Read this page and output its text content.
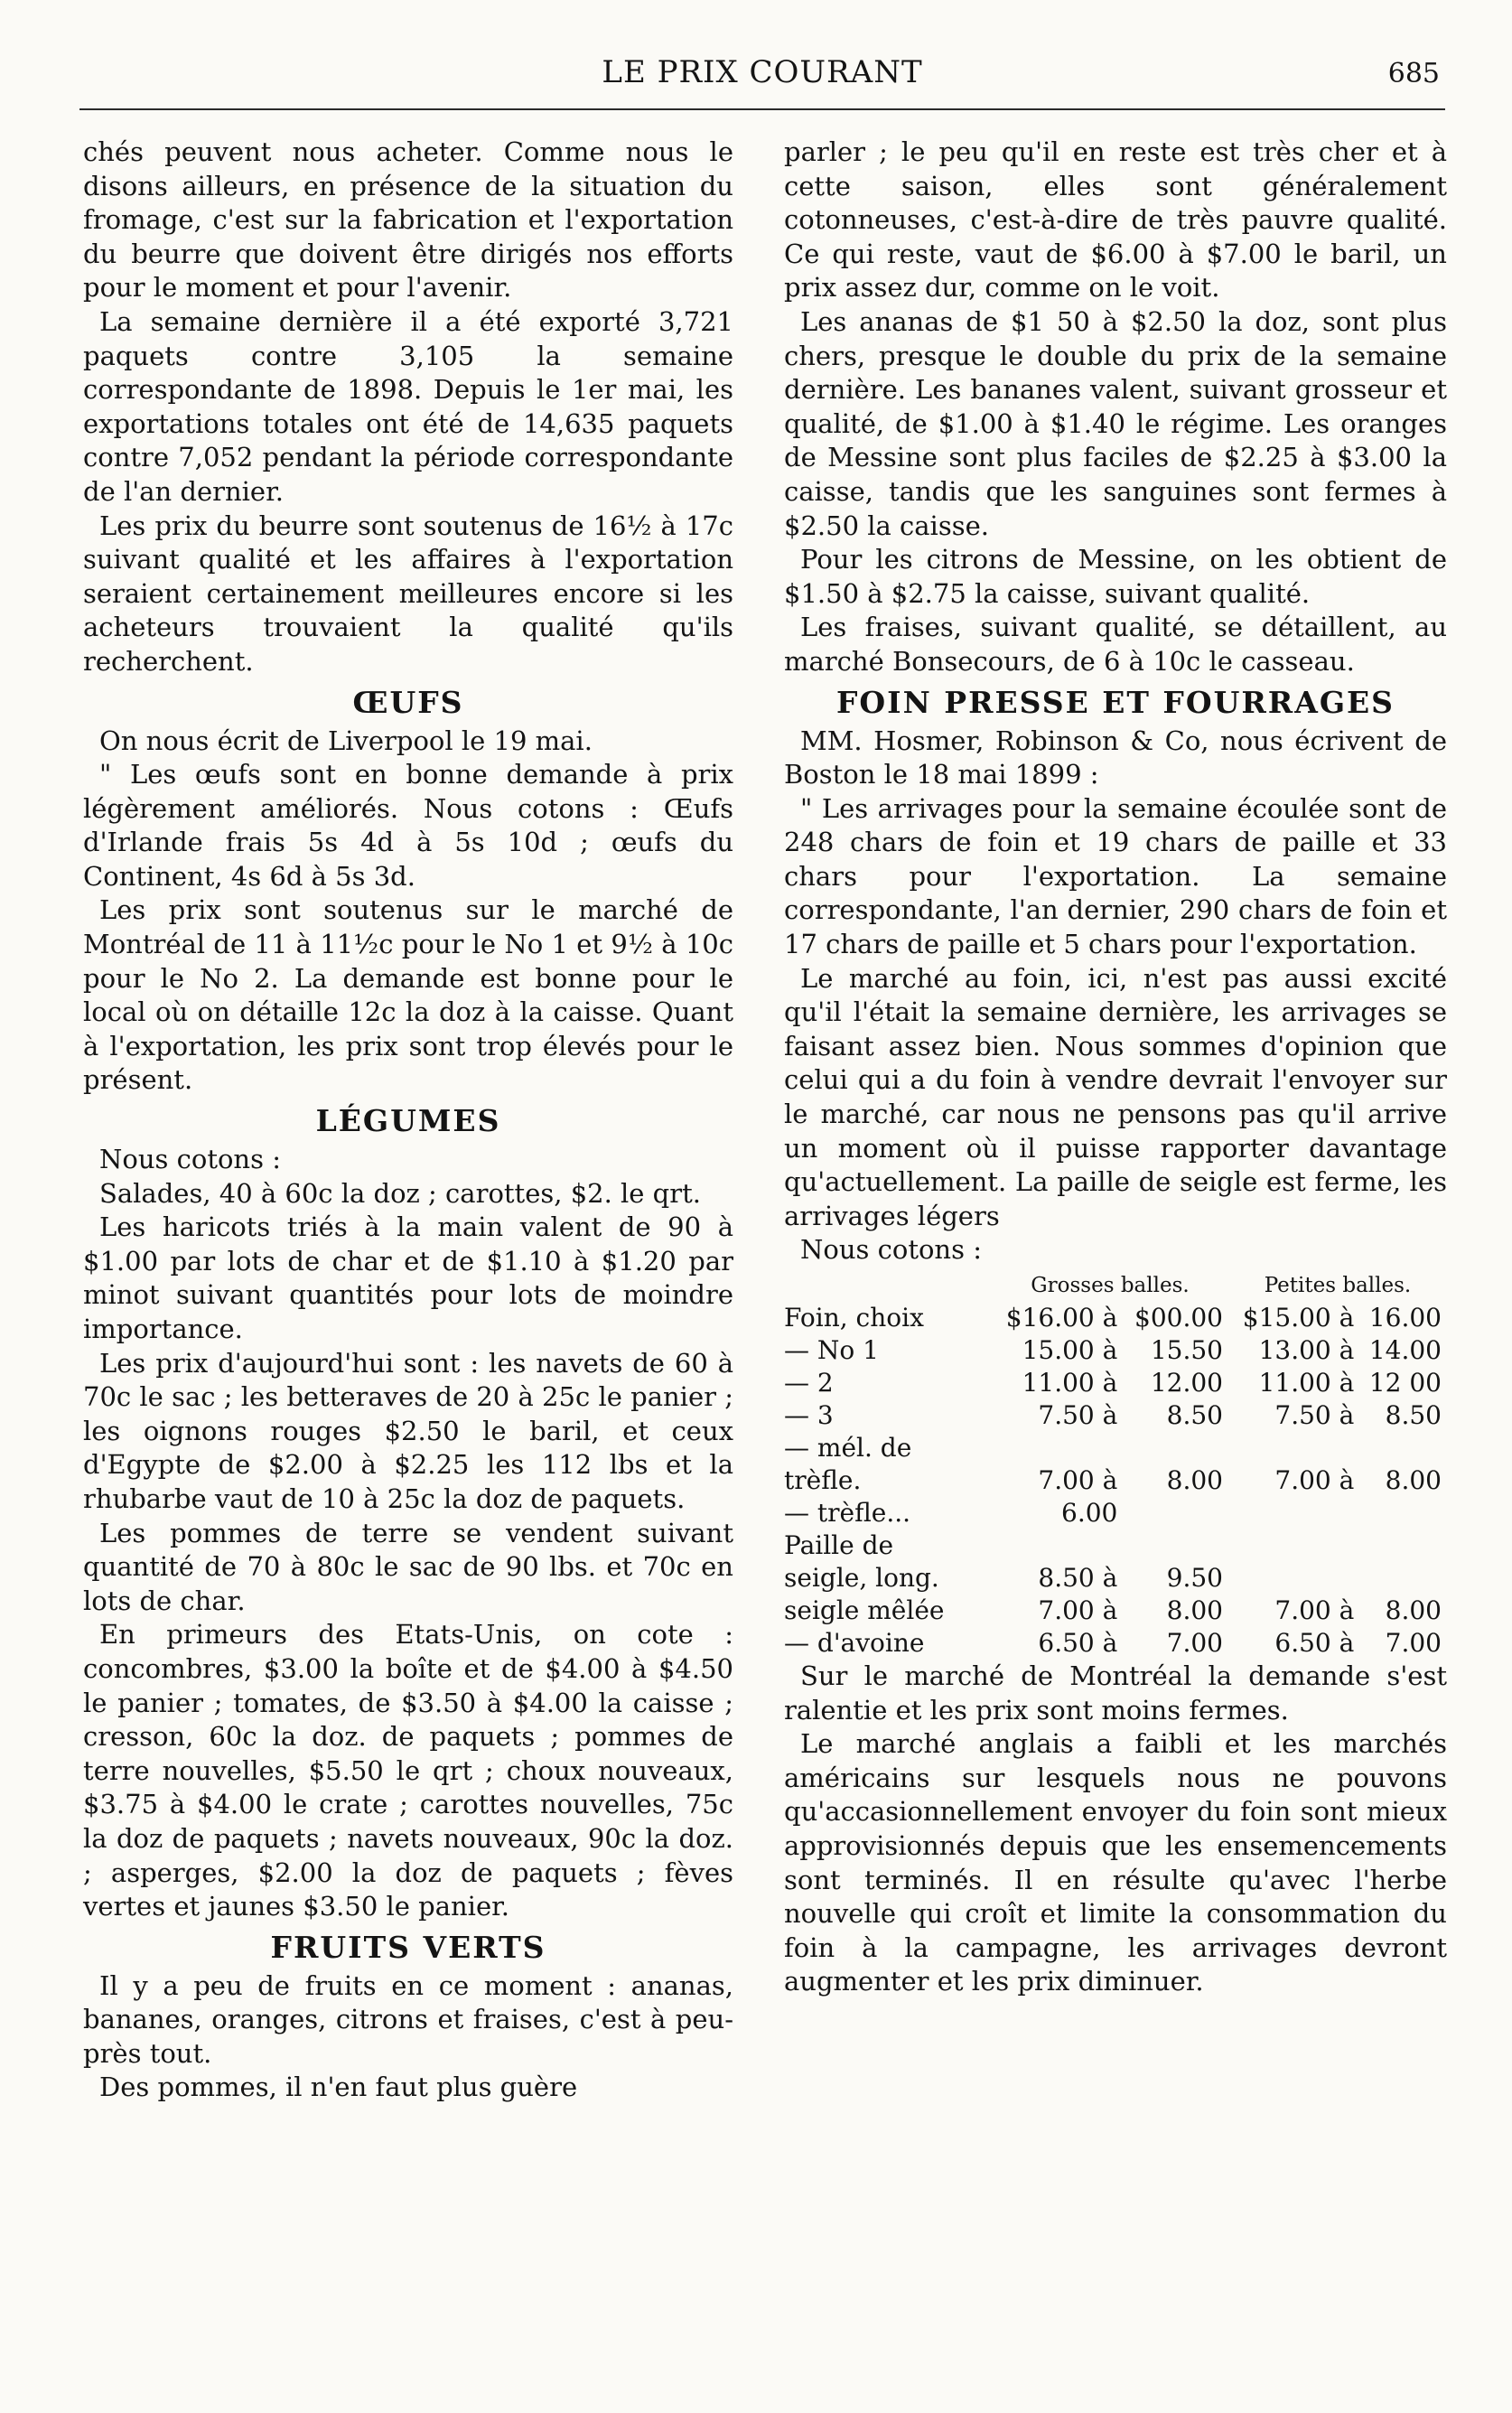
LE PRIX COURANT	685

chés peuvent nous acheter. Comme nous le disons ailleurs, en présence de la situation du fromage, c'est sur la fabrication et l'exportation du beurre que doivent être dirigés nos efforts pour le moment et pour l'avenir.

La semaine dernière il a été exporté 3,721 paquets contre 3,105 la semaine correspondante de 1898. Depuis le 1er mai, les exportations totales ont été de 14,635 paquets contre 7,052 pendant la période correspondante de l'an dernier.

Les prix du beurre sont soutenus de 16½ à 17c suivant qualité et les affaires à l'exportation seraient certainement meilleures encore si les acheteurs trouvaient la qualité qu'ils recherchent.

ŒUFS

On nous écrit de Liverpool le 19 mai.

" Les œufs sont en bonne demande à prix légèrement améliorés. Nous cotons : Œufs d'Irlande frais 5s 4d à 5s 10d ; œufs du Continent, 4s 6d à 5s 3d.

Les prix sont soutenus sur le marché de Montréal de 11 à 11½c pour le No 1 et 9½ à 10c pour le No 2. La demande est bonne pour le local où on détaille 12c la doz à la caisse. Quant à l'exportation, les prix sont trop élevés pour le présent.

LÉGUMES

Nous cotons :

Salades, 40 à 60c la doz ; carottes, $2. le qrt.

Les haricots triés à la main valent de 90 à $1.00 par lots de char et de $1.10 à $1.20 par minot suivant quantités pour lots de moindre importance.

Les prix d'aujourd'hui sont : les navets de 60 à 70c le sac ; les betteraves de 20 à 25c le panier ; les oignons rouges $2.50 le baril, et ceux d'Egypte de $2.00 à $2.25 les 112 lbs et la rhubarbe vaut de 10 à 25c la doz de paquets.

Les pommes de terre se vendent suivant quantité de 70 à 80c le sac de 90 lbs. et 70c en lots de char.

En primeurs des Etats-Unis, on cote : concombres, $3.00 la boîte et de $4.00 à $4.50 le panier ; tomates, de $3.50 à $4.00 la caisse ; cresson, 60c la doz. de paquets ; pommes de terre nouvelles, $5.50 le qrt ; choux nouveaux, $3.75 à $4.00 le crate ; carottes nouvelles, 75c la doz de paquets ; navets nouveaux, 90c la doz. ; asperges, $2.00 la doz de paquets ; fèves vertes et jaunes $3.50 le panier.

FRUITS VERTS

Il y a peu de fruits en ce moment : ananas, bananes, oranges, citrons et fraises, c'est à peu-près tout.

Des pommes, il n'en faut plus guère

parler ; le peu qu'il en reste est très cher et à cette saison, elles sont généralement cotonneuses, c'est-à-dire de très pauvre qualité. Ce qui reste, vaut de $6.00 à $7.00 le baril, un prix assez dur, comme on le voit.

Les ananas de $1 50 à $2.50 la doz, sont plus chers, presque le double du prix de la semaine dernière. Les bananes valent, suivant grosseur et qualité, de $1.00 à $1.40 le régime. Les oranges de Messine sont plus faciles de $2.25 à $3.00 la caisse, tandis que les sanguines sont fermes à $2.50 la caisse.

Pour les citrons de Messine, on les obtient de $1.50 à $2.75 la caisse, suivant qualité.

Les fraises, suivant qualité, se détaillent, au marché Bonsecours, de 6 à 10c le casseau.

FOIN PRESSE ET FOURRAGES

MM. Hosmer, Robinson & Co, nous écrivent de Boston le 18 mai 1899 :

" Les arrivages pour la semaine écoulée sont de 248 chars de foin et 19 chars de paille et 33 chars pour l'exportation. La semaine correspondante, l'an dernier, 290 chars de foin et 17 chars de paille et 5 chars pour l'exportation.

Le marché au foin, ici, n'est pas aussi excité qu'il l'était la semaine dernière, les arrivages se faisant assez bien. Nous sommes d'opinion que celui qui a du foin à vendre devrait l'envoyer sur le marché, car nous ne pensons pas qu'il arrive un moment où il puisse rapporter davantage qu'actuellement. La paille de seigle est ferme, les arrivages légers

Nous cotons :

	Grosses balles.		Petites balles.	
Foin, choix	$16.00 à	$00.00	$15.00 à	16.00
— No 1	15.00 à	15.50	13.00 à	14.00
— 2	11.00 à	12.00	11.00 à	12 00
— 3	7.50 à	8.50	7.50 à	8.50
— mél. de				
trèfle.	7.00 à	8.00	7.00 à	8.00
— trèfle...	6.00			
Paille de				
seigle, long.	8.50 à	9.50		
seigle mêlée	7.00 à	8.00	7.00 à	8.00
— d'avoine	6.50 à	7.00	6.50 à	7.00

Sur le marché de Montréal la demande s'est ralentie et les prix sont moins fermes.

Le marché anglais a faibli et les marchés américains sur lesquels nous ne pouvons qu'accasionnellement envoyer du foin sont mieux approvisionnés depuis que les ensemencements sont terminés. Il en résulte qu'avec l'herbe nouvelle qui croît et limite la consommation du foin à la campagne, les arrivages devront augmenter et les prix diminuer.
